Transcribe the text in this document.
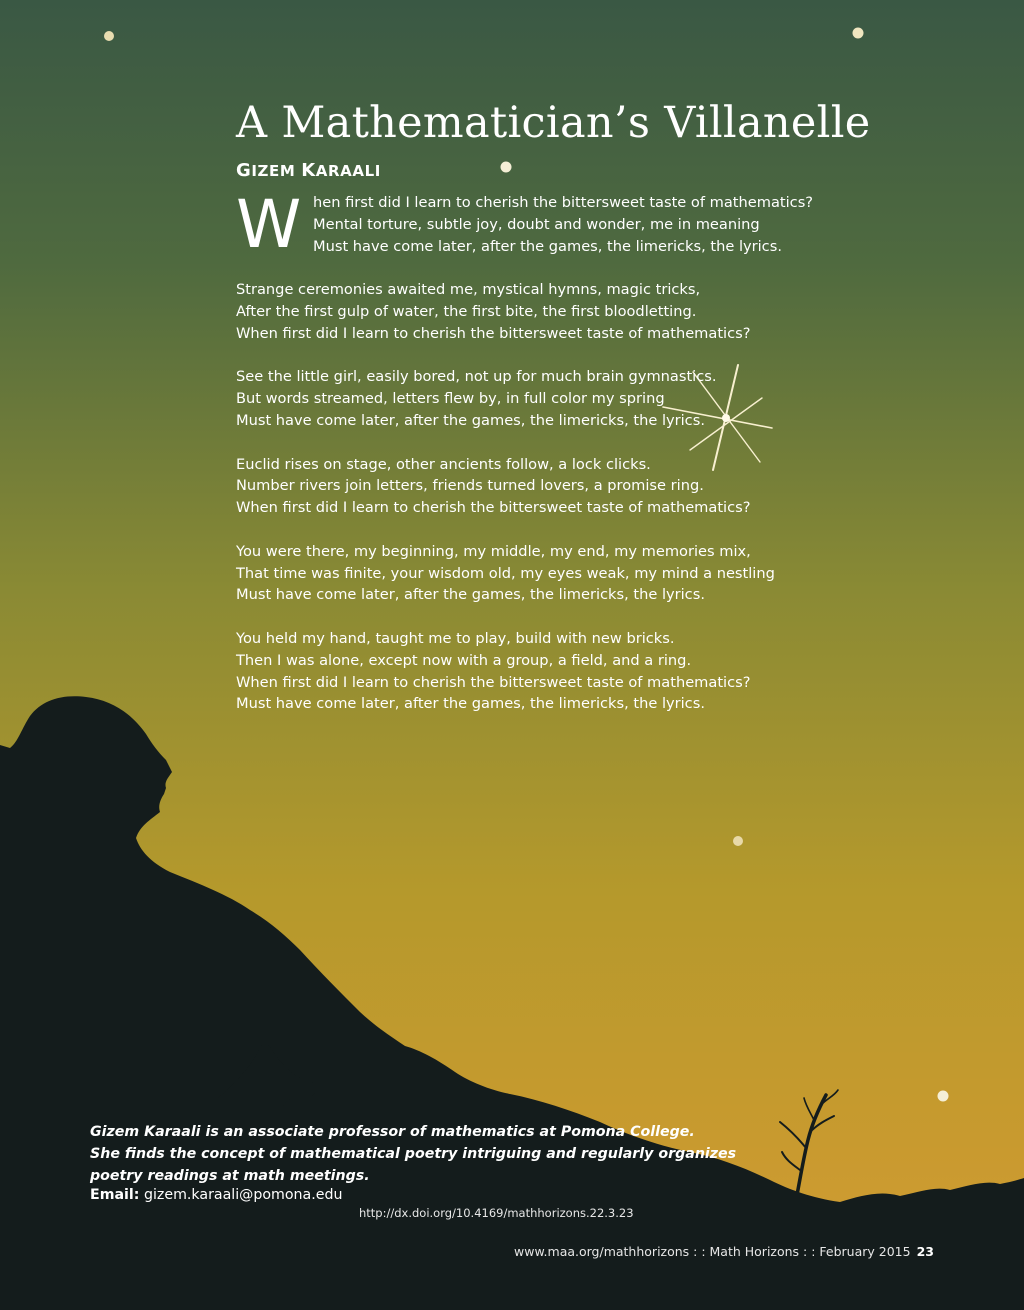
A Mathematician’s Villanelle
GIZEM KARAALI
W hen first did I learn to cherish the bittersweet taste of mathematics?
Mental torture, subtle joy, doubt and wonder, me in meaning
Must have come later, after the games, the limericks, the lyrics.
Strange ceremonies awaited me, mystical hymns, magic tricks,
After the first gulp of water, the first bite, the first bloodletting.
When first did I learn to cherish the bittersweet taste of mathematics?
See the little girl, easily bored, not up for much brain gymnastics.
But words streamed, letters flew by, in full color my spring
Must have come later, after the games, the limericks, the lyrics.
Euclid rises on stage, other ancients follow, a lock clicks.
Number rivers join letters, friends turned lovers, a promise ring.
When first did I learn to cherish the bittersweet taste of mathematics?
You were there, my beginning, my middle, my end, my memories mix,
That time was finite, your wisdom old, my eyes weak, my mind a nestling
Must have come later, after the games, the limericks, the lyrics.
You held my hand, taught me to play, build with new bricks.
Then I was alone, except now with a group, a field, and a ring.
When first did I learn to cherish the bittersweet taste of mathematics?
Must have come later, after the games, the limericks, the lyrics.
Gizem Karaali is an associate professor of mathematics at Pomona College.
She finds the concept of mathematical poetry intriguing and regularly organizes
poetry readings at math meetings.
Email: gizem.karaali@pomona.edu
http://dx.doi.org/10.4169/mathhorizons.22.3.23
www.maa.org/mathhorizons : : Math Horizons : : February 2015 23
